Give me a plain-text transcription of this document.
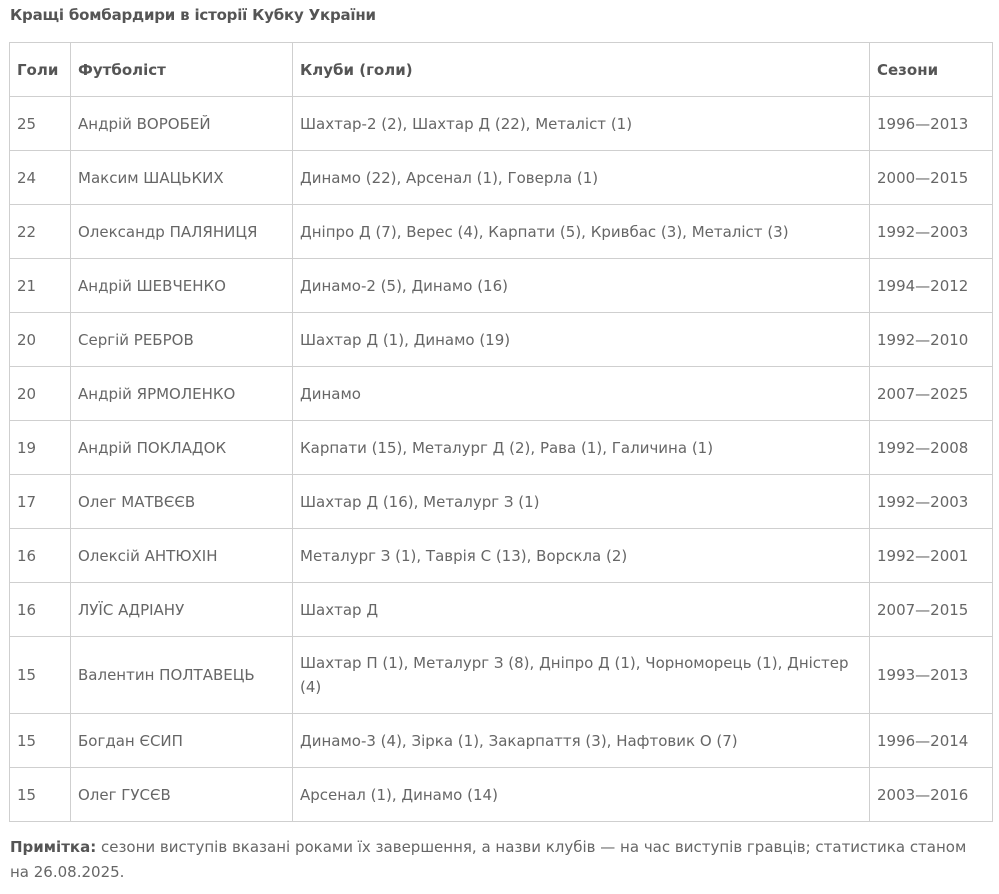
Кращі бомбардири в історії Кубку України
Голи	Футболіст	Клуби (голи)	Сезони
25	Андрій ВОРОБЕЙ	Шахтар-2 (2), Шахтар Д (22), Металіст (1)	1996—2013
24	Максим ШАЦЬКИХ	Динамо (22), Арсенал (1), Говерла (1)	2000—2015
22	Олександр ПАЛЯНИЦЯ	Дніпро Д (7), Верес (4), Карпати (5), Кривбас (3), Металіст (3)	1992—2003
21	Андрій ШЕВЧЕНКО	Динамо-2 (5), Динамо (16)	1994—2012
20	Сергій РЕБРОВ	Шахтар Д (1), Динамо (19)	1992—2010
20	Андрій ЯРМОЛЕНКО	Динамо	2007—2025
19	Андрій ПОКЛАДОК	Карпати (15), Металург Д (2), Рава (1), Галичина (1)	1992—2008
17	Олег МАТВЄЄВ	Шахтар Д (16), Металург З (1)	1992—2003
16	Олексій АНТЮХІН	Металург З (1), Таврія С (13), Ворскла (2)	1992—2001
16	ЛУЇС АДРІАНУ	Шахтар Д	2007—2015
15	Валентин ПОЛТАВЕЦЬ	Шахтар П (1), Металург З (8), Дніпро Д (1), Чорноморець (1), Дністер (4)	1993—2013
15	Богдан ЄСИП	Динамо-3 (4), Зірка (1), Закарпаття (3), Нафтовик О (7)	1996—2014
15	Олег ГУСЄВ	Арсенал (1), Динамо (14)	2003—2016
Примітка: сезони виступів вказані роками їх завершення, а назви клубів — на час виступів гравців; статистика станом на 26.08.2025.
